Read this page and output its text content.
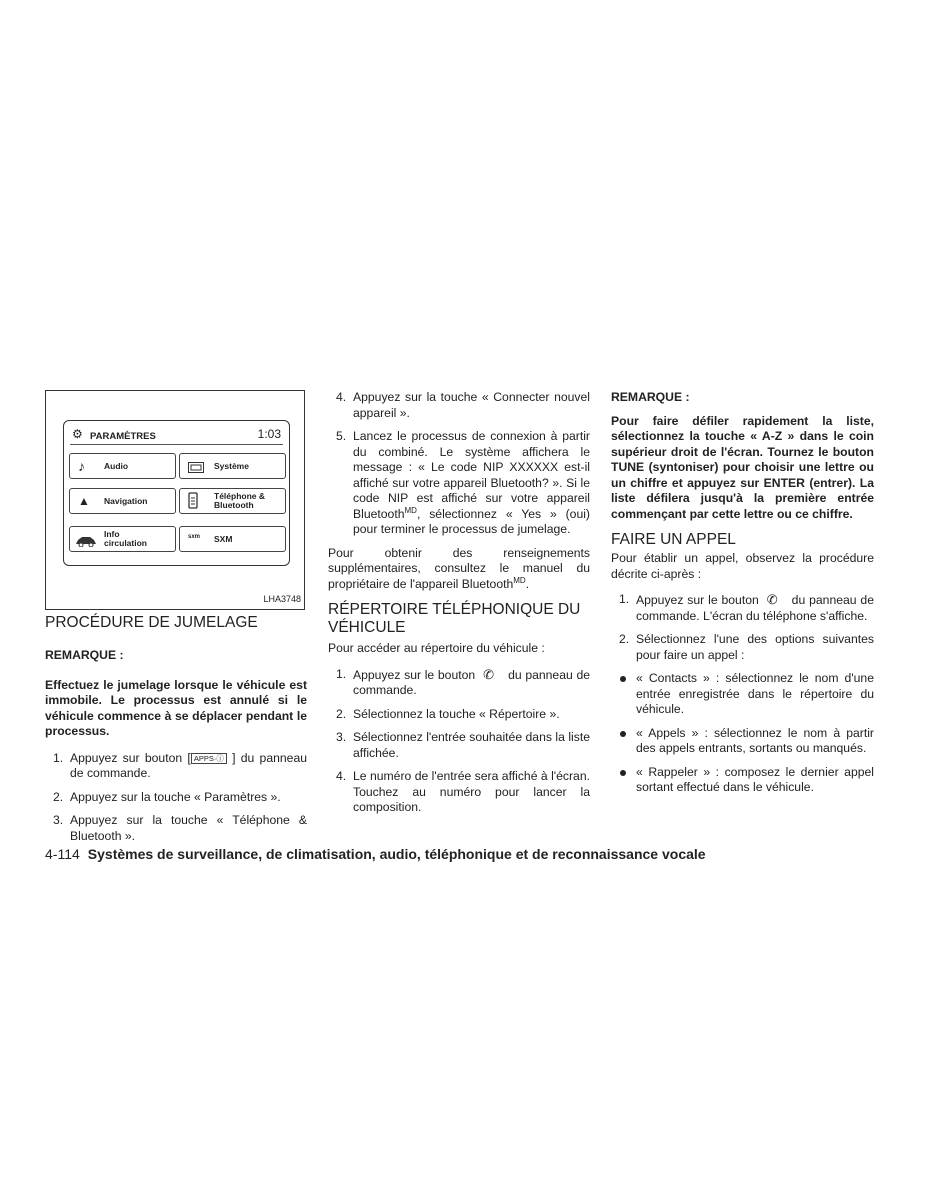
⚙ PARAMÈTRES	1:03
♪ Audio	Système
▲ Navigation	Téléphone &
Bluetooth
Info
circulation
sxm SXM
LHA3748
PROCÉDURE DE JUMELAGE

REMARQUE :

Effectuez le jumelage lorsque le véhicule est immobile. Le processus est annulé si le véhicule commence à se déplacer pendant le processus.

1. Appuyez sur bouton [ APPS·ⓘ ] du panneau de commande.
2. Appuyez sur la touche « Paramètres ».
3. Appuyez sur la touche « Téléphone & Bluetooth ».
4. Appuyez sur la touche « Connecter nouvel appareil ».
5. Lancez le processus de connexion à partir du combiné. Le système affichera le message : « Le code NIP XXXXXX est-il affiché sur votre appareil Bluetooth? ». Si le code NIP est affiché sur votre appareil Bluetooth$^{MD}$, sélectionnez « Yes » (oui) pour terminer le processus de jumelage.

Pour obtenir des renseignements supplémentaires, consultez le manuel du propriétaire de l'appareil Bluetooth$^{MD}$.

RÉPERTOIRE TÉLÉPHONIQUE DU VÉHICULE

Pour accéder au répertoire du véhicule :

1. Appuyez sur le bouton ✆ du panneau de commande.
2. Sélectionnez la touche « Répertoire ».
3. Sélectionnez l'entrée souhaitée dans la liste affichée.
4. Le numéro de l'entrée sera affiché à l'écran. Touchez au numéro pour lancer la composition.

REMARQUE :

Pour faire défiler rapidement la liste, sélectionnez la touche « A-Z » dans le coin supérieur droit de l'écran. Tournez le bouton TUNE (syntoniser) pour choisir une lettre ou un chiffre et appuyez sur ENTER (entrer). La liste défilera jusqu'à la première entrée commençant par cette lettre ou ce chiffre.

FAIRE UN APPEL

Pour établir un appel, observez la procédure décrite ci-après :

1. Appuyez sur le bouton ✆ du panneau de commande. L'écran du téléphone s'affiche.
2. Sélectionnez l'une des options suivantes pour faire un appel :
« Contacts » : sélectionnez le nom d'une entrée enregistrée dans le répertoire du véhicule.
« Appels » : sélectionnez le nom à partir des appels entrants, sortants ou manqués.
« Rappeler » : composez le dernier appel sortant effectué dans le véhicule.
4-114 Systèmes de surveillance, de climatisation, audio, téléphonique et de reconnaissance vocale
